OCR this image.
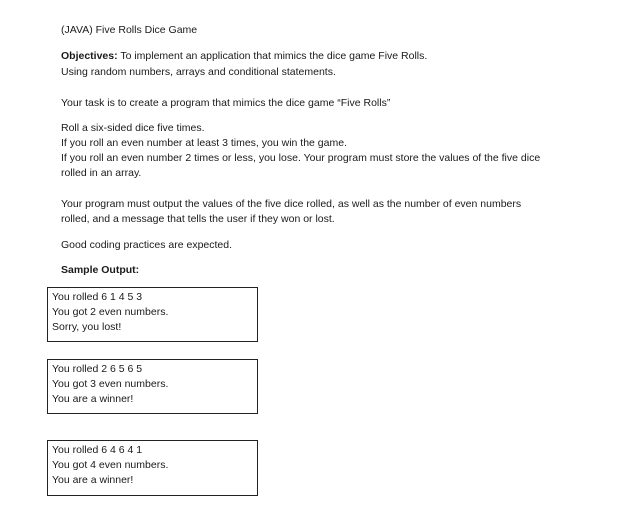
(JAVA) Five Rolls Dice Game
Objectives: To implement an application that mimics the dice game Five Rolls.
Using random numbers, arrays and conditional statements.
Your task is to create a program that mimics the dice game “Five Rolls”
Roll a six-sided dice five times.
If you roll an even number at least 3 times, you win the game.
If you roll an even number 2 times or less, you lose. Your program must store the values of the five dice
rolled in an array.
Your program must output the values of the five dice rolled, as well as the number of even numbers
rolled, and a message that tells the user if they won or lost.
Good coding practices are expected.
Sample Output:
You rolled 6 1 4 5 3
You got 2 even numbers.
Sorry, you lost!
You rolled 2 6 5 6 5
You got 3 even numbers.
You are a winner!
You rolled 6 4 6 4 1
You got 4 even numbers.
You are a winner!
